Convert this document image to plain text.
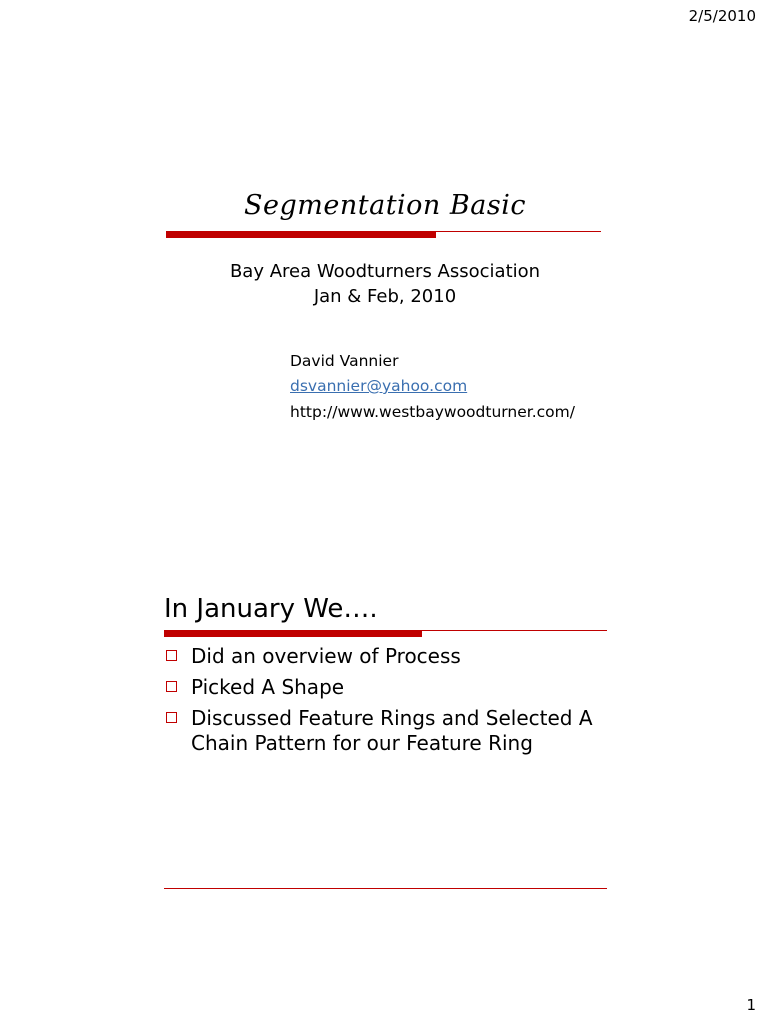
2/5/2010
Segmentation Basic
Bay Area Woodturners Association
Jan & Feb, 2010
David Vannier
dsvannier@yahoo.com
http://www.westbaywoodturner.com/
In January We….
Did an overview of Process
Picked A Shape
Discussed Feature Rings and Selected A Chain Pattern for our Feature Ring
1
